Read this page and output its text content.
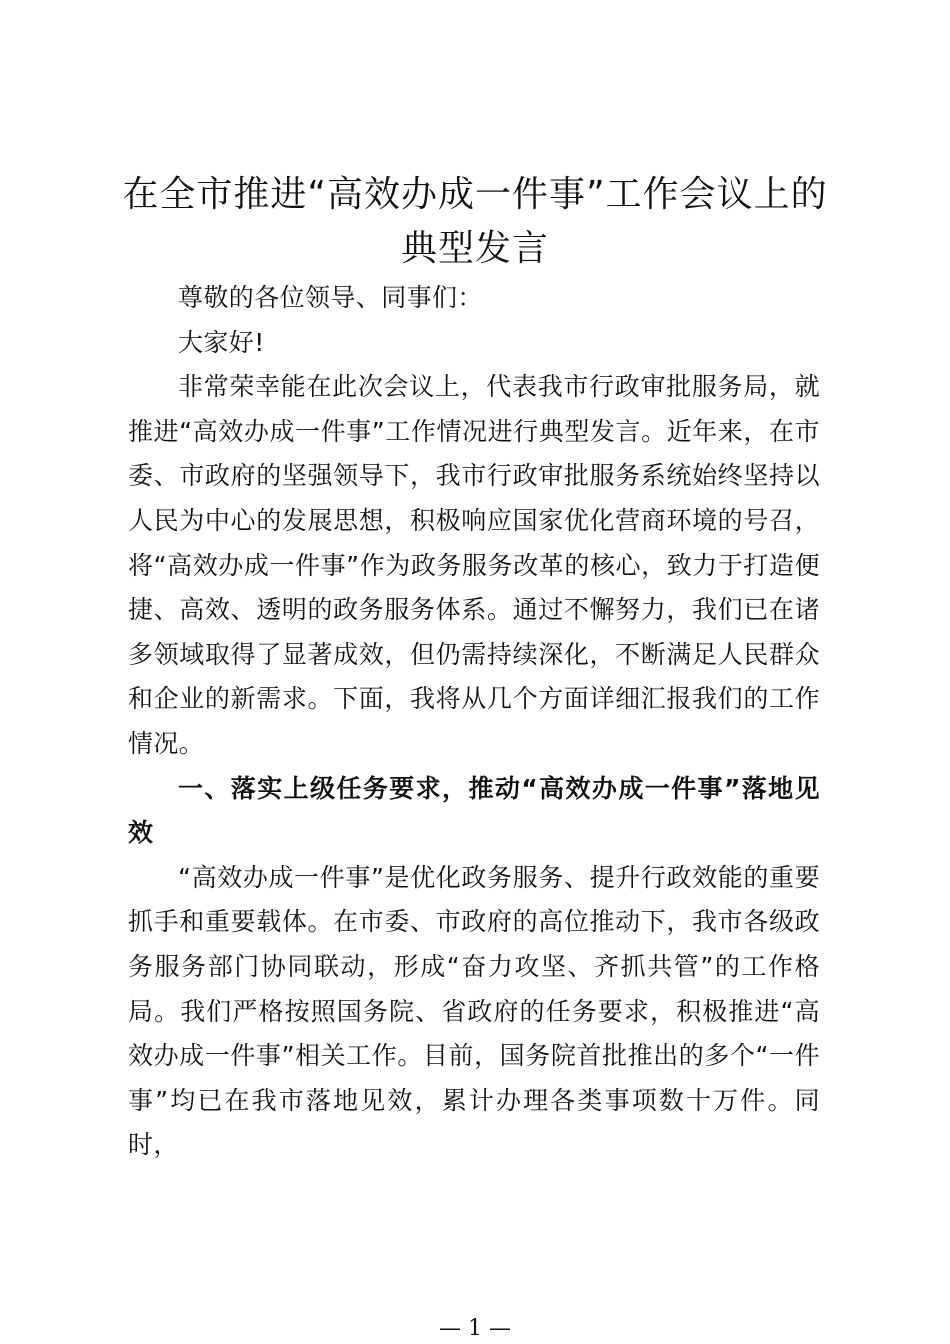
在全市推进“高效办成一件事”工作会议上的
典型发言

尊敬的各位领导、同事们：

大家好!

非常荣幸能在此次会议上，代表我市行政审批服务局，就推进“高效办成一件事”工作情况进行典型发言。近年来，在市委、市政府的坚强领导下，我市行政审批服务系统始终坚持以人民为中心的发展思想，积极响应国家优化营商环境的号召，将“高效办成一件事”作为政务服务改革的核心，致力于打造便捷、高效、透明的政务服务体系。通过不懈努力，我们已在诸多领域取得了显著成效，但仍需持续深化，不断满足人民群众和企业的新需求。下面，我将从几个方面详细汇报我们的工作情况。

一、落实上级任务要求，推动“高效办成一件事”落地见效

“高效办成一件事”是优化政务服务、提升行政效能的重要抓手和重要载体。在市委、市政府的高位推动下，我市各级政务服务部门协同联动，形成“奋力攻坚、齐抓共管”的工作格局。我们严格按照国务院、省政府的任务要求，积极推进“高效办成一件事”相关工作。目前，国务院首批推出的多个“一件事”均已在我市落地见效，累计办理各类事项数十万件。同时，

— 1 —
